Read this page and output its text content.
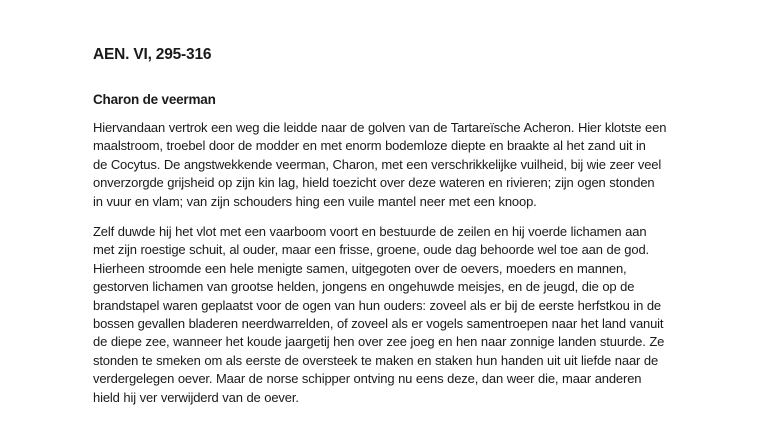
AEN. VI, 295-316
Charon de veerman

Hiervandaan vertrok een weg die leidde naar de golven van de Tartareïsche Acheron. Hier klotste een
maalstroom, troebel door de modder en met enorm bodemloze diepte en braakte al het zand uit in
de Cocytus. De angstwekkende veerman, Charon, met een verschrikkelijke vuilheid, bij wie zeer veel
onverzorgde grijsheid op zijn kin lag, hield toezicht over deze wateren en rivieren; zijn ogen stonden
in vuur en vlam; van zijn schouders hing een vuile mantel neer met een knoop.

Zelf duwde hij het vlot met een vaarboom voort en bestuurde de zeilen en hij voerde lichamen aan
met zijn roestige schuit, al ouder, maar een frisse, groene, oude dag behoorde wel toe aan de god.
Hierheen stroomde een hele menigte samen, uitgegoten over de oevers, moeders en mannen,
gestorven lichamen van grootse helden, jongens en ongehuwde meisjes, en de jeugd, die op de
brandstapel waren geplaatst voor de ogen van hun ouders: zoveel als er bij de eerste herfstkou in de
bossen gevallen bladeren neerdwarrelden, of zoveel als er vogels samentroepen naar het land vanuit
de diepe zee, wanneer het koude jaargetij hen over zee joeg en hen naar zonnige landen stuurde. Ze
stonden te smeken om als eerste de oversteek te maken en staken hun handen uit uit liefde naar de
verdergelegen oever. Maar de norse schipper ontving nu eens deze, dan weer die, maar anderen
hield hij ver verwijderd van de oever.
